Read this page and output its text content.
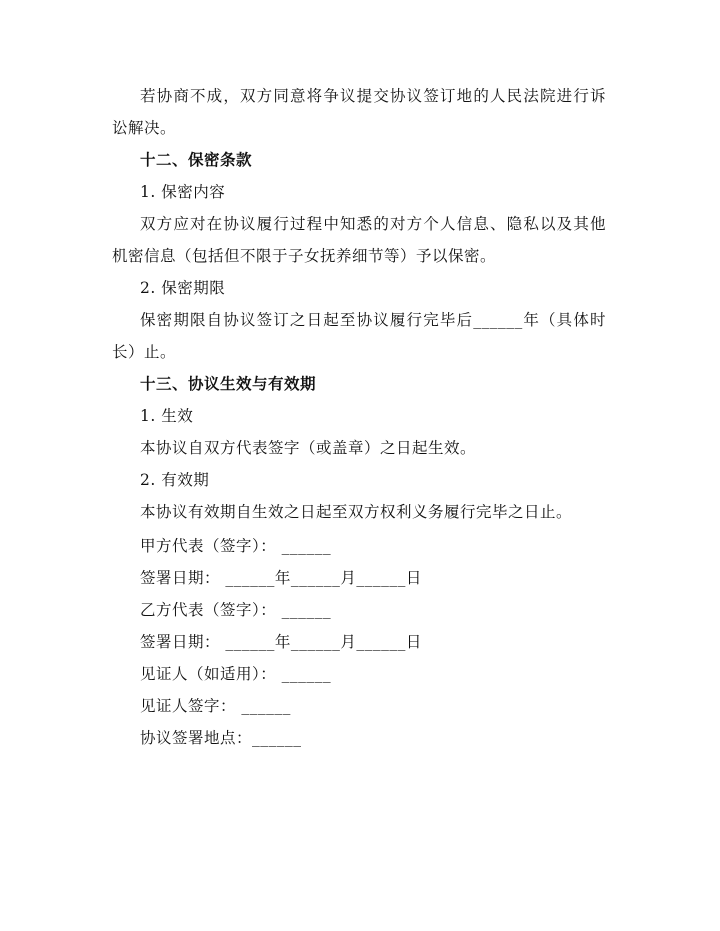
若协商不成，双方同意将争议提交协议签订地的人民法院进行诉
讼解决。
十二、保密条款
1. 保密内容
双方应对在协议履行过程中知悉的对方个人信息、隐私以及其他
机密信息（包括但不限于子女抚养细节等）予以保密。
2. 保密期限
保密期限自协议签订之日起至协议履行完毕后______年（具体时
长）止。
十三、协议生效与有效期
1. 生效
本协议自双方代表签字（或盖章）之日起生效。
2. 有效期
本协议有效期自生效之日起至双方权利义务履行完毕之日止。
甲方代表（签字）： ______
签署日期： ______年______月______日
乙方代表（签字）： ______
签署日期： ______年______月______日
见证人（如适用）： ______
见证人签字： ______
协议签署地点：______
